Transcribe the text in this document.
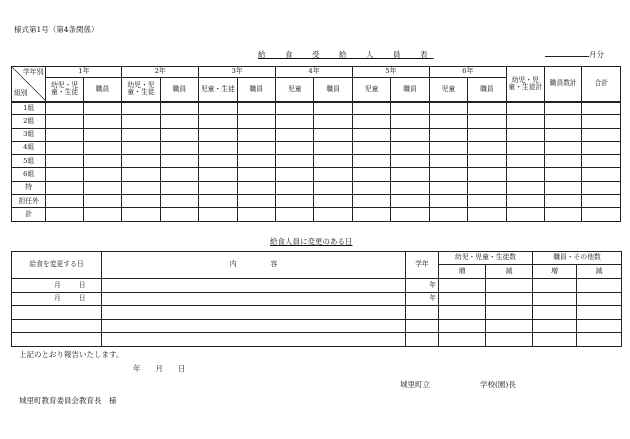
様式第1号（第4条関係）
給　食　受　給　人　員　表	月分
学年別
組別	1年		2年		3年		4年		5年		6年		幼児・児童・生徒計	職員数計	合計
	幼児・児童・生徒	職員	幼児・児童・生徒	職員	児童・生徒	職員	児童	職員	児童	職員	児童	職員			
1組															
2組															
3組															
4組															
5組															
6組															
特															
担任外															
計															
給食人員に変更のある日
給食を変更する日	内　　　　　容	学年	幼児・児童・生徒数		職員・その他数	
			増	減	増	減
月 日		年				
月 日		年				

上記のとおり報告いたします。
年　　月　　日
城里町立	学校(園)長
城里町教育委員会教育長　様
